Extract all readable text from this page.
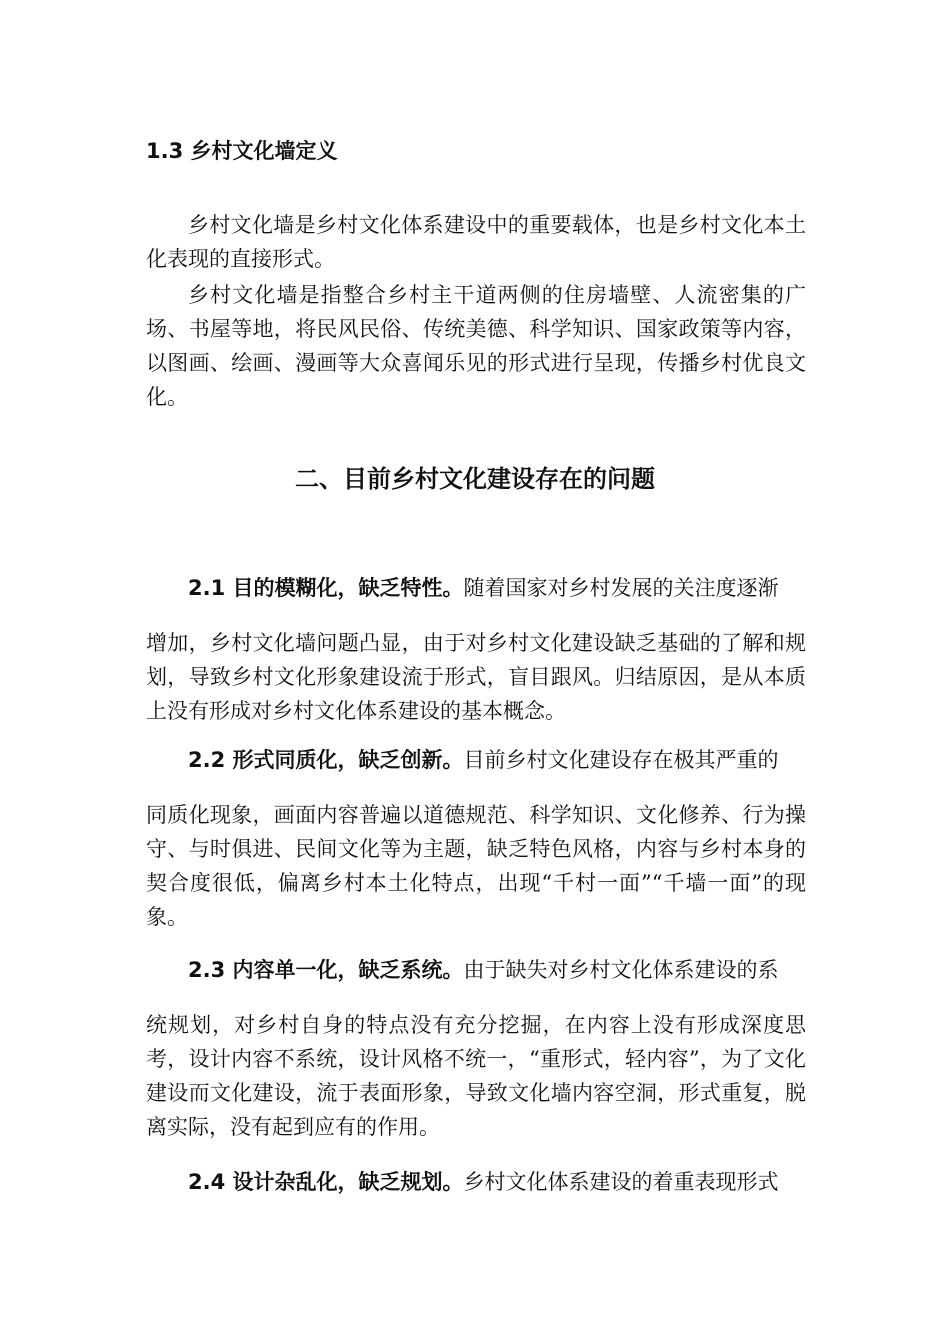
1.3 乡村文化墙定义

乡村文化墙是乡村文化体系建设中的重要载体，也是乡村文化本土化表现的直接形式。

乡村文化墙是指整合乡村主干道两侧的住房墙壁、人流密集的广场、书屋等地，将民风民俗、传统美德、科学知识、国家政策等内容，以图画、绘画、漫画等大众喜闻乐见的形式进行呈现，传播乡村优良文化。

二、目前乡村文化建设存在的问题

2.1 目的模糊化，缺乏特性。随着国家对乡村发展的关注度逐渐

增加，乡村文化墙问题凸显，由于对乡村文化建设缺乏基础的了解和规划，导致乡村文化形象建设流于形式，盲目跟风。归结原因，是从本质上没有形成对乡村文化体系建设的基本概念。

2.2 形式同质化，缺乏创新。目前乡村文化建设存在极其严重的

同质化现象，画面内容普遍以道德规范、科学知识、文化修养、行为操守、与时俱进、民间文化等为主题，缺乏特色风格，内容与乡村本身的契合度很低，偏离乡村本土化特点，出现“千村一面”“千墙一面”的现象。

2.3 内容单一化，缺乏系统。由于缺失对乡村文化体系建设的系

统规划，对乡村自身的特点没有充分挖掘，在内容上没有形成深度思考，设计内容不系统，设计风格不统一，“重形式，轻内容”，为了文化建设而文化建设，流于表面形象，导致文化墙内容空洞，形式重复，脱离实际，没有起到应有的作用。

2.4 设计杂乱化，缺乏规划。乡村文化体系建设的着重表现形式
